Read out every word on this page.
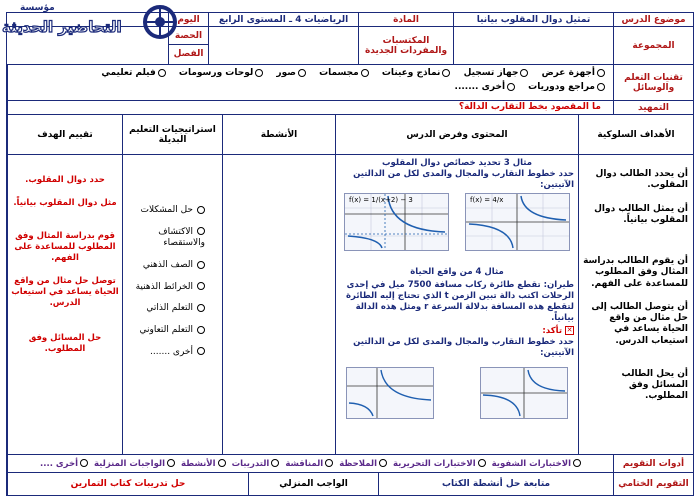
مؤسسة
التحاضير الحديثة	موضوع الدرس
تمثيل دوال المقلوب بيانيا
المادة
الرياضيات 4 ـ المستوى الرابع
اليوم
المجموعة
المكتسبات والمفردات الجديدة
الحصة
الفصل
تقنيات التعلم والوسائل
أجهزة عرض جهاز تسجيل نماذج وعينات مجسمات صور لوحات ورسومات فيلم تعليمي
مراجع ودوريات أخرى .......
التمهيد
ما المقصود بخط التقارب الدالة؟
الأهداف السلوكية
المحتوى وفرض الدرس
الأنشطة
استراتيجيات التعليم البديلة
تقييم الهدف
أن يحدد الطالب دوال المقلوب.
أن يمثل الطالب دوال المقلوب بيانياً.
أن يقوم الطالب بدراسة المثال وفق المطلوب للمساعدة على الفهم.
أن يتوصل الطالب إلى حل مثال من واقع الحياة يساعد في استيعاب الدرس.
أن يحل الطالب المسائل وفق المطلوب.
مثال 3 تحديد خصائص دوال المقلوب
حدد خطوط التقارب والمجال والمدى لكل من الدالتين الآتيتين:
f(x) = 4/x
f(x) = 1/(x+2) − 3
مثال 4 من واقع الحياة
طيران: تقطع طائرة ركاب مسافة 7500 ميل في إحدى الرحلات اكتب دالة تبين الزمن t الذي تحتاج إليه الطائرة لتقطع هذه المسافة بدلالة السرعة r ومثل هذه الدالة بيانياً.
✕ تأكد:
حدد خطوط التقارب والمجال والمدى لكل من الدالتين الآتيتين:
حل المشكلات
الاكتشاف والاستقصاء
الصف الذهني
الخرائط الذهنية
التعلم الذاتي
التعلم التعاوني
أخرى .......
حدد دوال المقلوب.
مثل دوال المقلوب بيانياً.
قوم بدراسة المثال وفق المطلوب للمساعدة على الفهم.
توصل حل مثال من واقع الحياة يساعد في استيعاب الدرس.
حل المسائل وفق المطلوب.
أدوات التقويم
الاختبارات الشفوية
الاختبارات التحريرية
الملاحظة
المناقشة
التدريبات
الأنشطة
الواجبات المنزلية
أخرى ....
التقويم الختامي
متابعة حل أنشطة الكتاب
الواجب المنزلي
حل تدريبات كتاب التمارين
